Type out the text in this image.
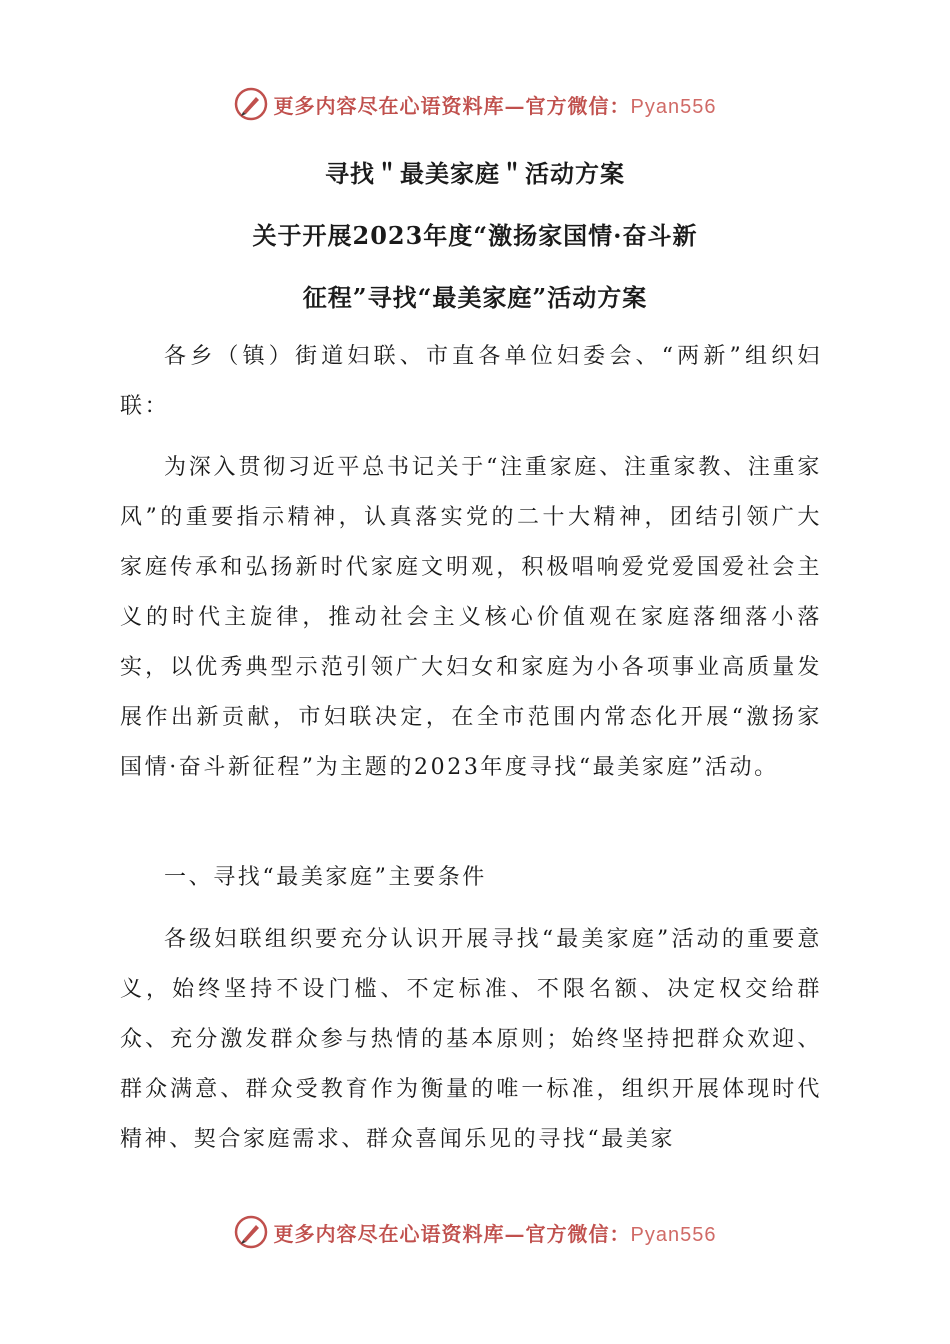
更多内容尽在心语资料库—官方微信：Pyan556
寻找＂最美家庭＂活动方案
关于开展2023年度“激扬家国情·奋斗新
征程”寻找“最美家庭”活动方案

各乡（镇）街道妇联、市直各单位妇委会、“两新”组织妇联：

为深入贯彻习近平总书记关于“注重家庭、注重家教、注重家风”的重要指示精神，认真落实党的二十大精神，团结引领广大家庭传承和弘扬新时代家庭文明观，积极唱响爱党爱国爱社会主义的时代主旋律，推动社会主义核心价值观在家庭落细落小落实，以优秀典型示范引领广大妇女和家庭为小各项事业高质量发展作出新贡献，市妇联决定，在全市范围内常态化开展“激扬家国情·奋斗新征程”为主题的2023年度寻找“最美家庭”活动。

一、寻找“最美家庭”主要条件

各级妇联组织要充分认识开展寻找“最美家庭”活动的重要意义，始终坚持不设门槛、不定标准、不限名额、决定权交给群众、充分激发群众参与热情的基本原则；始终坚持把群众欢迎、群众满意、群众受教育作为衡量的唯一标准，组织开展体现时代精神、契合家庭需求、群众喜闻乐见的寻找“最美家

更多内容尽在心语资料库—官方微信：Pyan556
